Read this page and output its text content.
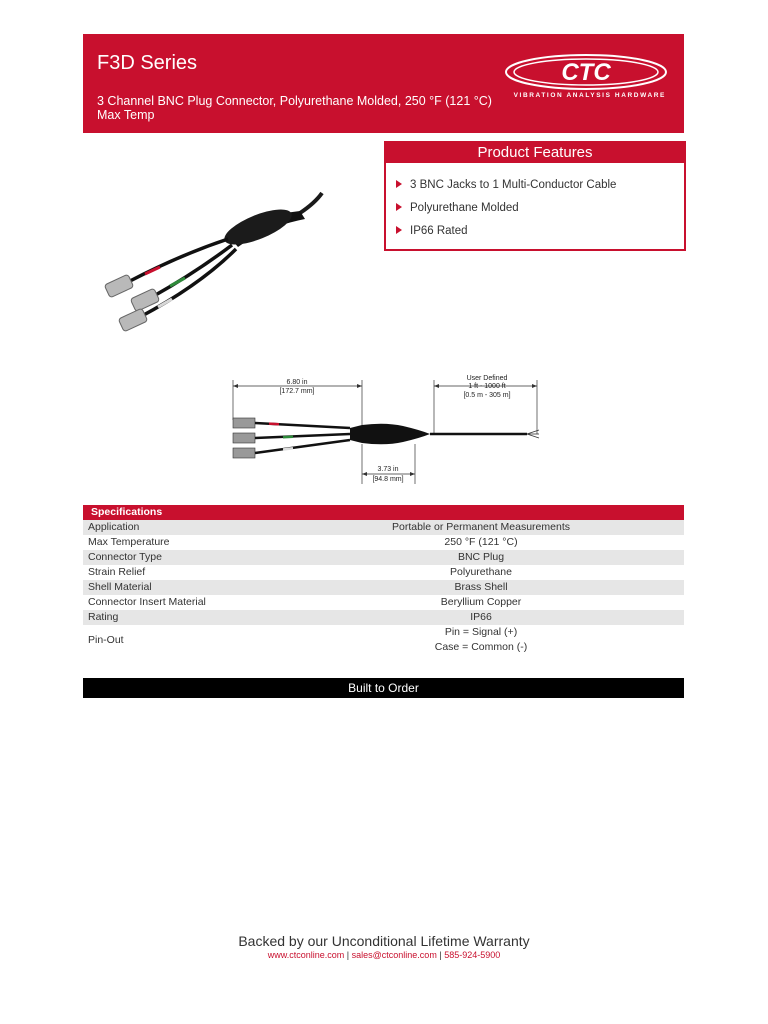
F3D Series
3 Channel BNC Plug Connector, Polyurethane Molded, 250 °F (121 °C) Max Temp
CTC
VIBRATION ANALYSIS HARDWARE
Product Features
3 BNC Jacks to 1 Multi-Conductor Cable
Polyurethane Molded
IP66 Rated
6.80 in
[172.7 mm]
User Defined
1 ft - 1000 ft
[0.5 m - 305 m]
3.73 in
[94.8 mm]
Specifications
Application	Portable or Permanent Measurements
Max Temperature	250 °F (121 °C)
Connector Type	BNC Plug
Strain Relief	Polyurethane
Shell Material	Brass Shell
Connector Insert Material	Beryllium Copper
Rating	IP66
Pin-Out	Pin = Signal (+)
Case = Common (-)
Built to Order
Backed by our Unconditional Lifetime Warranty
www.ctconline.com | sales@ctconline.com | 585-924-5900
